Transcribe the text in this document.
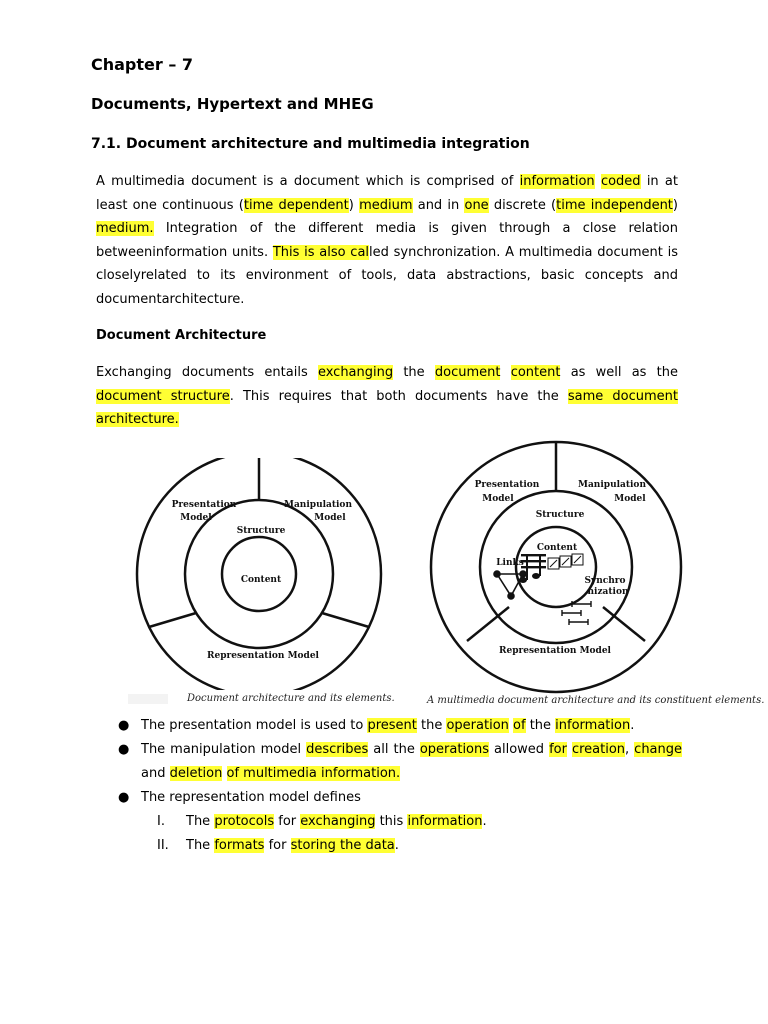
Chapter – 7
Documents, Hypertext and MHEG
7.1. Document architecture and multimedia integration
A multimedia document is a document which is comprised of information coded in at least one continuous (time dependent) medium and in one discrete (time independent) medium. Integration of the different media is given through a close relation betweeninformation units. This is also called synchronization. A multimedia document is closelyrelated to its environment of tools, data abstractions, basic concepts and documentarchitecture.
Document Architecture
Exchanging documents entails exchanging the document content as well as the document structure. This requires that both documents have the same document architecture.
Presentation
Model
Manipulation
Model
Structure
Content
Representation Model
Presentation
Model
Manipulation
Model
Structure
Content
Links
Synchro
nization
Representation Model
Document architecture and its elements.	A multimedia document architecture and its constituent elements.
● The presentation model is used to present the operation of the information.
● The manipulation model describes all the operations allowed for creation, change and deletion of multimedia information.
● The representation model defines
I. The protocols for exchanging this information.
II. The formats for storing the data.
